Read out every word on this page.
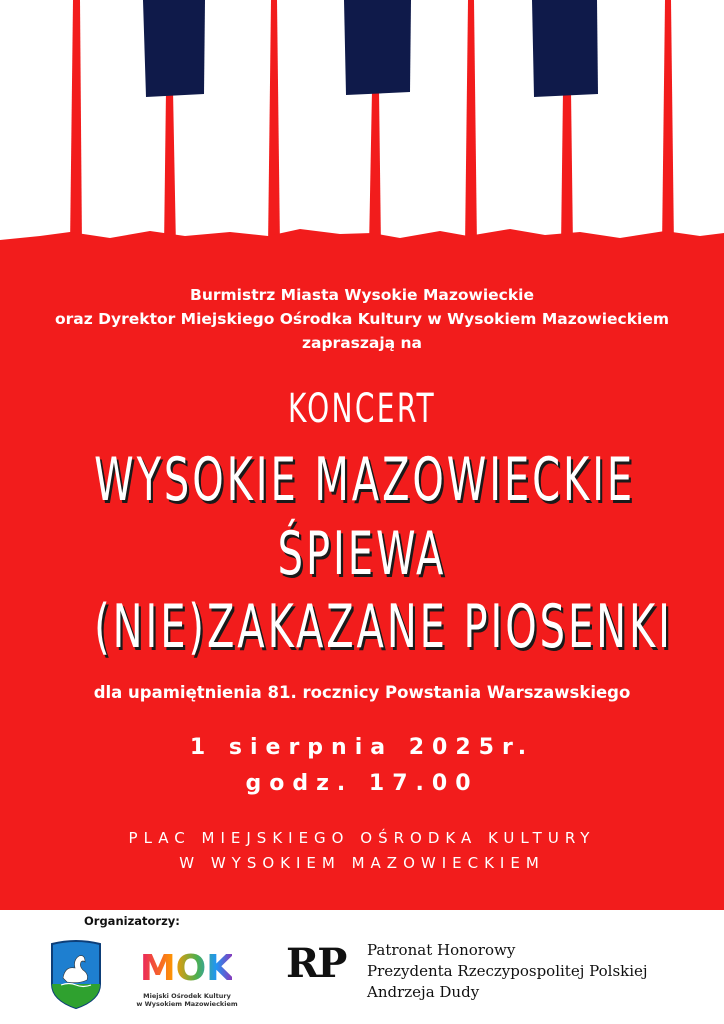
Burmistrz Miasta Wysokie Mazowieckie
oraz Dyrektor Miejskiego Ośrodka Kultury w Wysokiem Mazowieckiem
zapraszają na
KONCERT
WYSOKIE MAZOWIECKIE
ŚPIEWA
(NIE)ZAKAZANE PIOSENKI
dla upamiętnienia 81. rocznicy Powstania Warszawskiego
1 sierpnia 2025r.
godz. 17.00
PLAC MIEJSKIEGO OŚRODKA KULTURY
W WYSOKIEM MAZOWIECKIEM
Organizatorzy:
MOK
Miejski Ośrodek Kultury
w Wysokiem Mazowieckiem
RP Patronat Honorowy
Prezydenta Rzeczypospolitej Polskiej
Andrzeja Dudy
